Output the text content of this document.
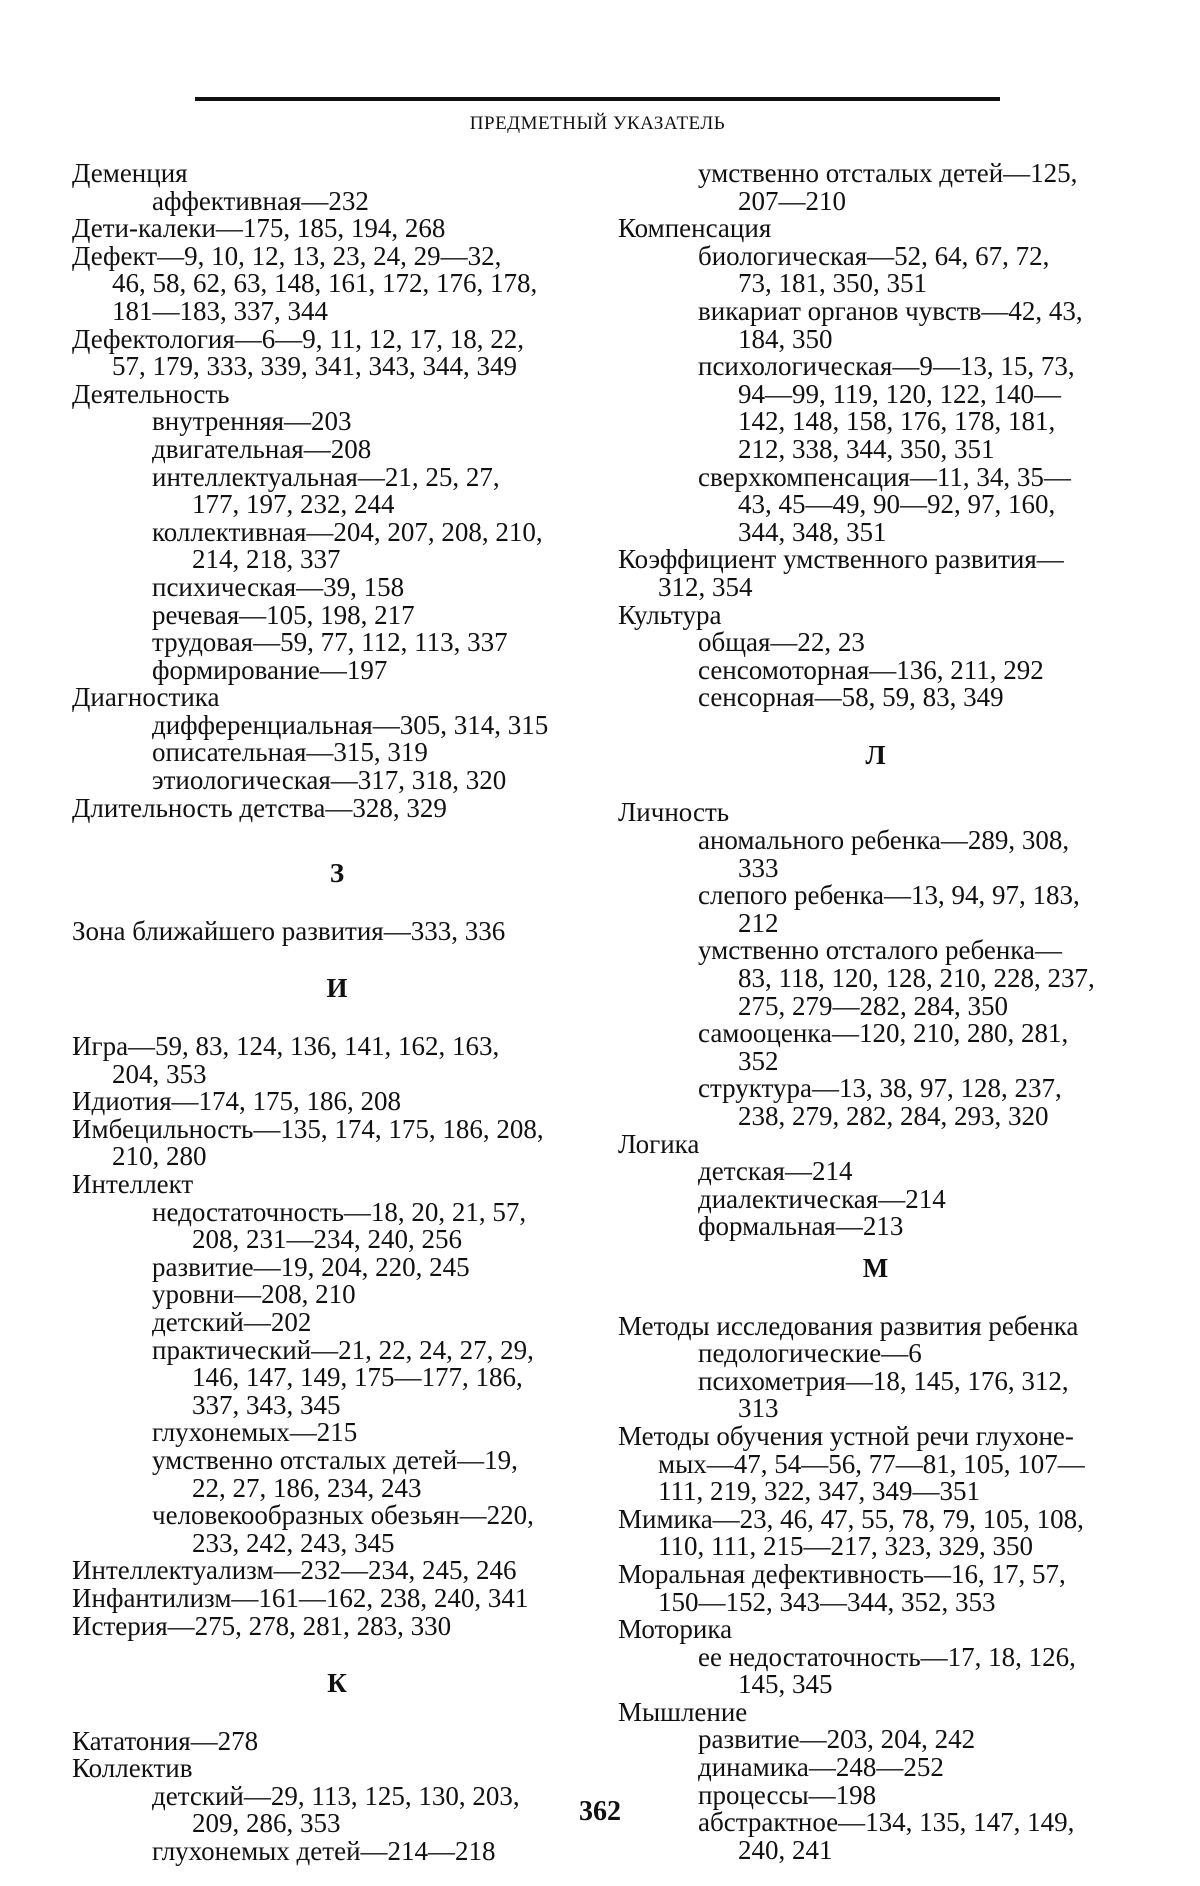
ПРЕДМЕТНЫЙ УКАЗАТЕЛЬ
Деменция
аффективная—232
Дети-калеки—175, 185, 194, 268
Дефект—9, 10, 12, 13, 23, 24, 29—32,
46, 58, 62, 63, 148, 161, 172, 176, 178,
181—183, 337, 344
Дефектология—6—9, 11, 12, 17, 18, 22,
57, 179, 333, 339, 341, 343, 344, 349
Деятельность
внутренняя—203
двигательная—208
интеллектуальная—21, 25, 27,
177, 197, 232, 244
коллективная—204, 207, 208, 210,
214, 218, 337
психическая—39, 158
речевая—105, 198, 217
трудовая—59, 77, 112, 113, 337
формирование—197
Диагностика
дифференциальная—305, 314, 315
описательная—315, 319
этиологическая—317, 318, 320
Длительность детства—328, 329
З
Зона ближайшего развития—333, 336
И
Игра—59, 83, 124, 136, 141, 162, 163,
204, 353
Идиотия—174, 175, 186, 208
Имбецильность—135, 174, 175, 186, 208,
210, 280
Интеллект
недостаточность—18, 20, 21, 57,
208, 231—234, 240, 256
развитие—19, 204, 220, 245
уровни—208, 210
детский—202
практический—21, 22, 24, 27, 29,
146, 147, 149, 175—177, 186,
337, 343, 345
глухонемых—215
умственно отсталых детей—19,
22, 27, 186, 234, 243
человекообразных обезьян—220,
233, 242, 243, 345
Интеллектуализм—232—234, 245, 246
Инфантилизм—161—162, 238, 240, 341
Истерия—275, 278, 281, 283, 330
К
Кататония—278
Коллектив
детский—29, 113, 125, 130, 203,
209, 286, 353
глухонемых детей—214—218
умственно отсталых детей—125,
207—210
Компенсация
биологическая—52, 64, 67, 72,
73, 181, 350, 351
викариат органов чувств—42, 43,
184, 350
психологическая—9—13, 15, 73,
94—99, 119, 120, 122, 140—
142, 148, 158, 176, 178, 181,
212, 338, 344, 350, 351
сверхкомпенсация—11, 34, 35—
43, 45—49, 90—92, 97, 160,
344, 348, 351
Коэффициент умственного развития—
312, 354
Культура
общая—22, 23
сенсомоторная—136, 211, 292
сенсорная—58, 59, 83, 349
Л
Личность
аномального ребенка—289, 308,
333
слепого ребенка—13, 94, 97, 183,
212
умственно отсталого ребенка—
83, 118, 120, 128, 210, 228, 237,
275, 279—282, 284, 350
самооценка—120, 210, 280, 281,
352
структура—13, 38, 97, 128, 237,
238, 279, 282, 284, 293, 320
Логика
детская—214
диалектическая—214
формальная—213
М
Методы исследования развития ребенка
педологические—6
психометрия—18, 145, 176, 312,
313
Методы обучения устной речи глухоне-
мых—47, 54—56, 77—81, 105, 107—
111, 219, 322, 347, 349—351
Мимика—23, 46, 47, 55, 78, 79, 105, 108,
110, 111, 215—217, 323, 329, 350
Моральная дефективность—16, 17, 57,
150—152, 343—344, 352, 353
Моторика
ее недостаточность—17, 18, 126,
145, 345
Мышление
развитие—203, 204, 242
динамика—248—252
процессы—198
абстрактное—134, 135, 147, 149,
240, 241
362
